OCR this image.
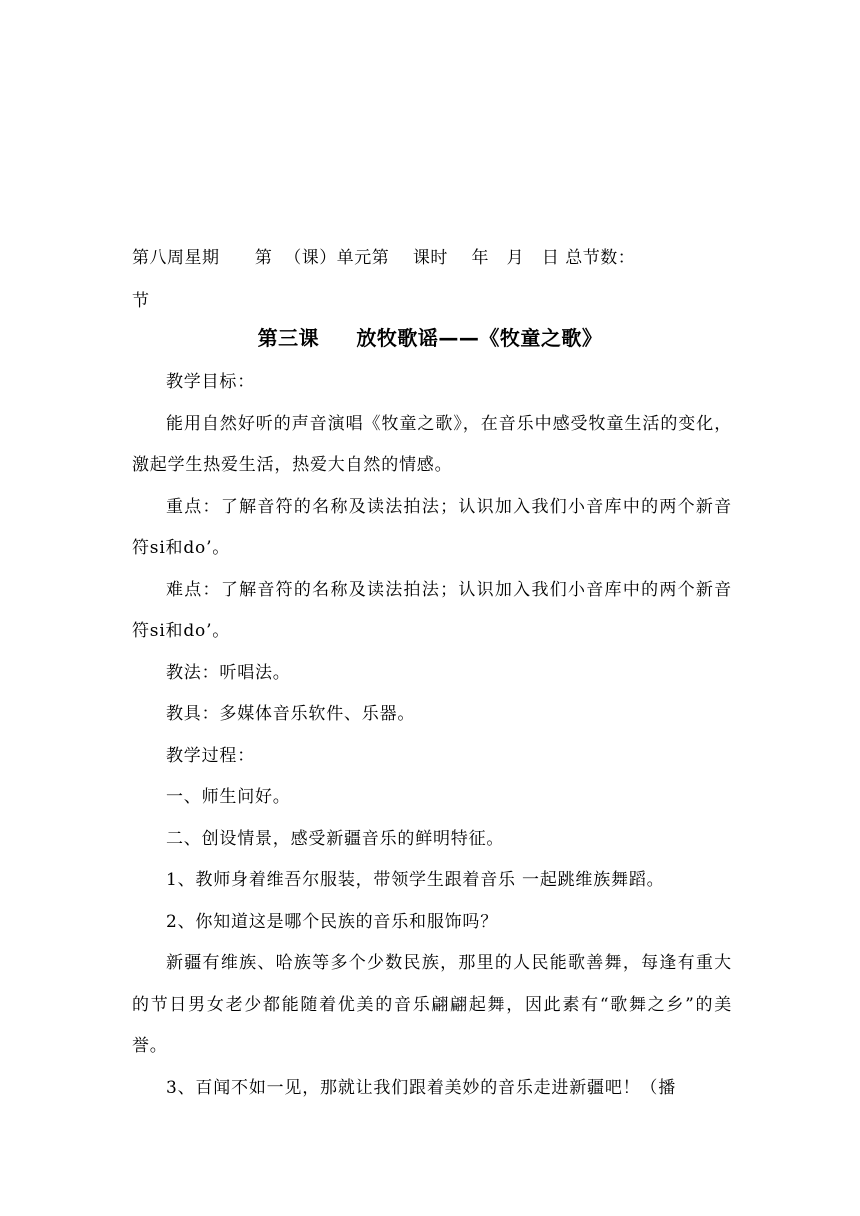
第八周星期      第  （课）单元第    课时    年   月   日 总节数：
节
第三课     放牧歌谣——《牧童之歌》

教学目标：

能用自然好听的声音演唱《牧童之歌》，在音乐中感受牧童生活的变化，激起学生热爱生活，热爱大自然的情感。

重点：了解音符的名称及读法拍法；认识加入我们小音库中的两个新音符si和do’。

难点：了解音符的名称及读法拍法；认识加入我们小音库中的两个新音符si和do’。

教法：听唱法。

教具：多媒体音乐软件、乐器。

教学过程：

一、师生问好。

二、创设情景，感受新疆音乐的鲜明特征。

1、教师身着维吾尔服装，带领学生跟着音乐 一起跳维族舞蹈。

2、你知道这是哪个民族的音乐和服饰吗？

新疆有维族、哈族等多个少数民族，那里的人民能歌善舞，每逢有重大的节日男女老少都能随着优美的音乐翩翩起舞，因此素有“歌舞之乡”的美誉。

3、百闻不如一见，那就让我们跟着美妙的音乐走进新疆吧！（播
